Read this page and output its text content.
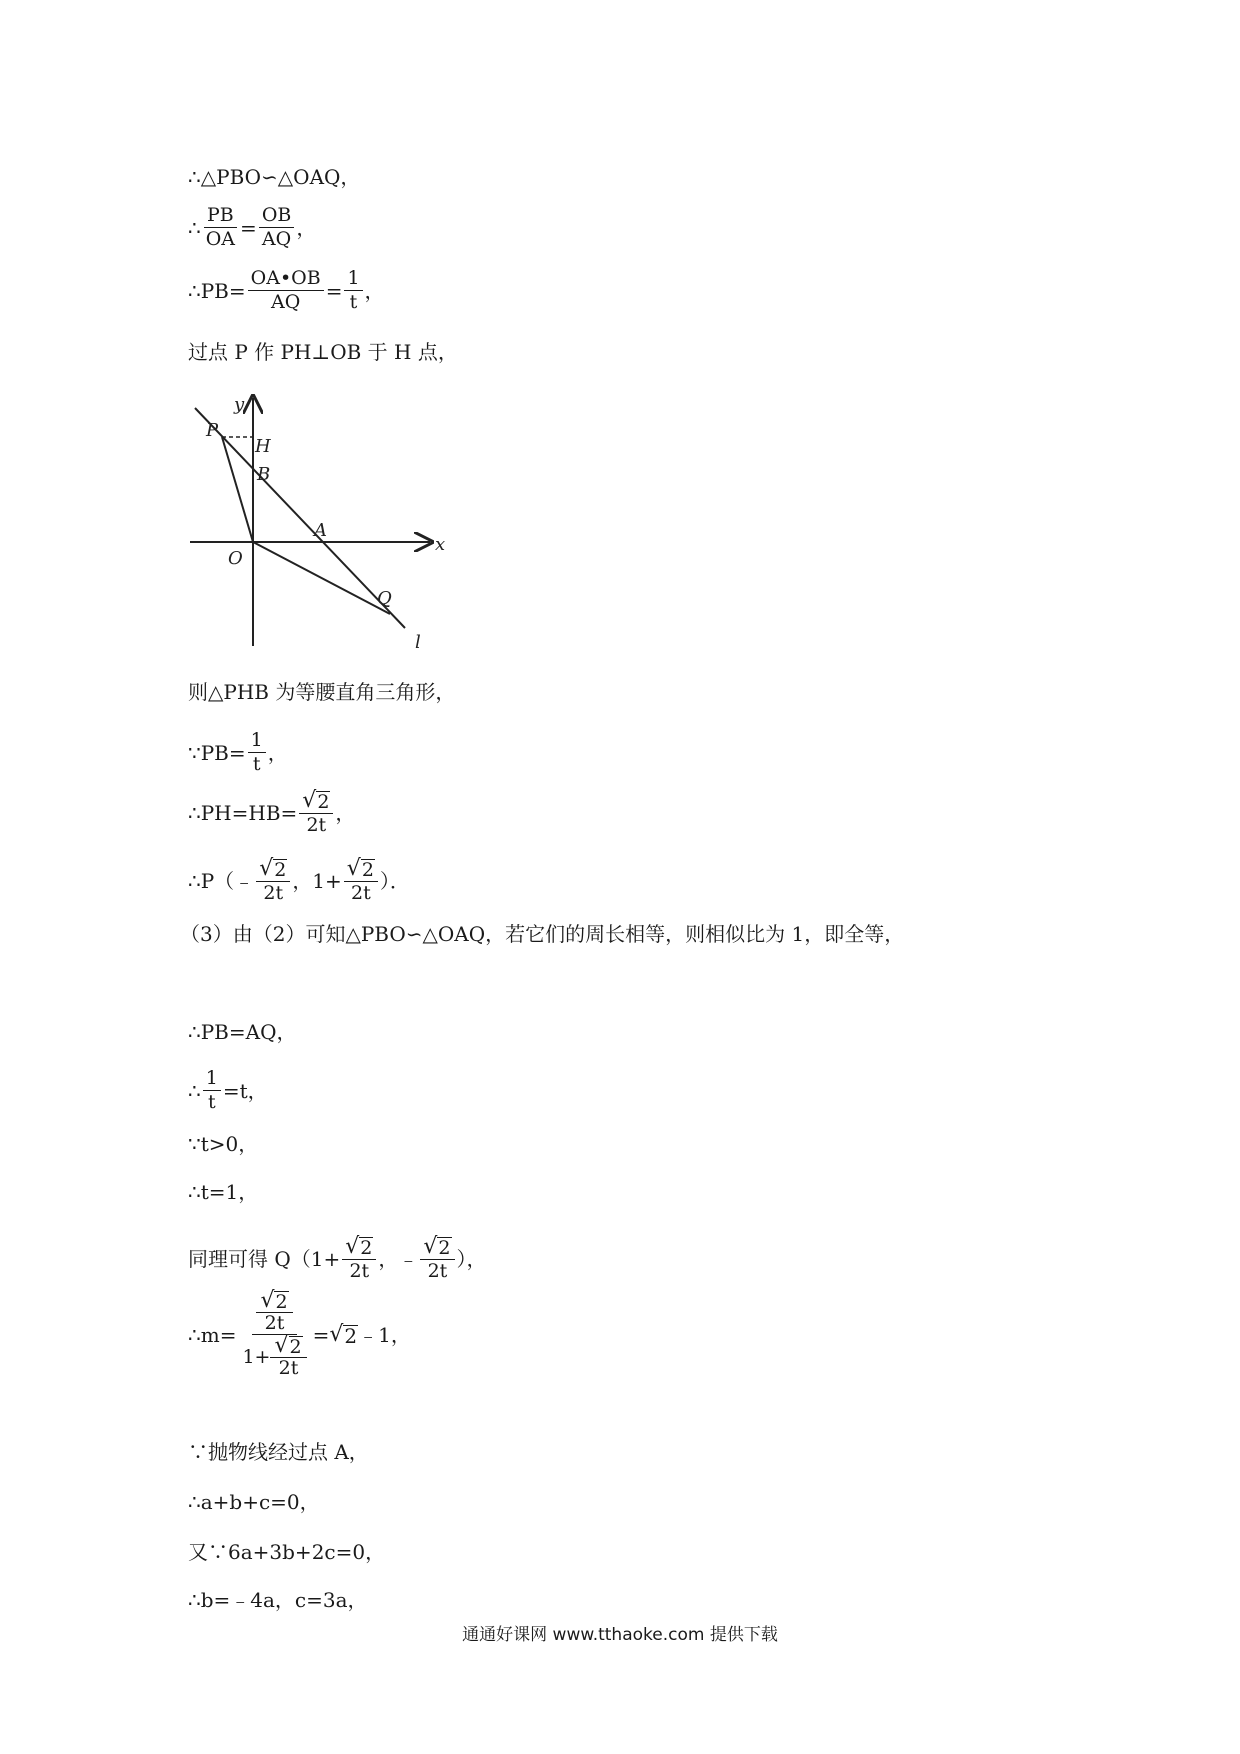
∴△PBO∽△OAQ，
∴ $\frac{PB}{OA} = \frac{OB}{AQ}$ ，
∴PB= $\frac{OA•OB}{AQ} = \frac{1}{t}$ ，
过点 P 作 PH⊥OB 于 H 点，
y
x
P
H
B
A
O
Q
l
则△PHB 为等腰直角三角形，
∵PB= $\frac{1}{t}$ ，
∴PH=HB= $\frac{√ 2}{2t}$ ，
∴P（﹣ $\frac{√ 2}{2t}$ ，$1+ \frac{√ 2}{2t}$ ）．
（3）由（2）可知△PBO∽△OAQ，若它们的周长相等，则相似比为 1，即全等，
∴PB=AQ，
∴ $\frac{1}{t} =t$，
∵t>0，
∴t=1，
同理可得 $Q(1+ \frac{√ 2}{2t}$ ，﹣ $\frac{√ 2}{2t}$ ），
∴m= $\frac{\frac{√ 2}{2t}}{1+ \frac{√ 2}{2t}}$ = √ 2 ﹣1，
∵抛物线经过点 A，
∴a+b+c=0，
又∵6a+3b+2c=0，
∴b=﹣4a，c=3a，
通通好课网 www.tthaoke.com 提供下载
